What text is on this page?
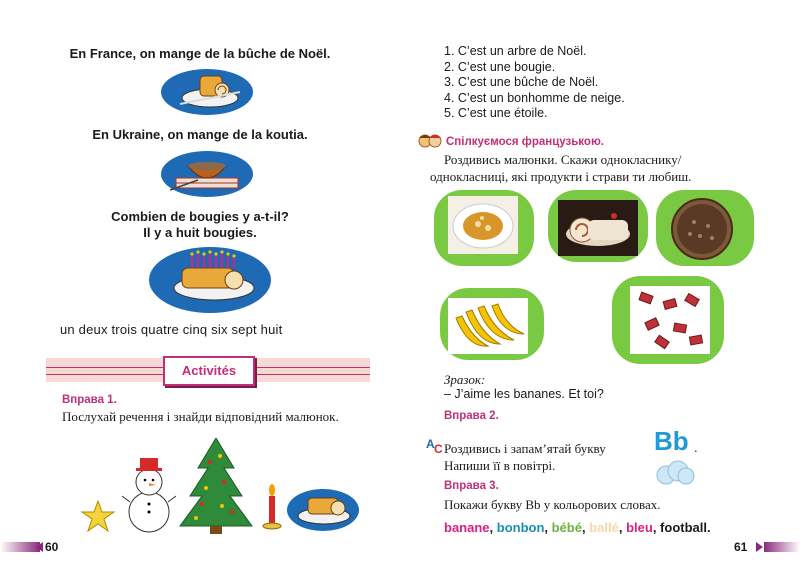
En France, on mange de la bûche de Noël.
En Ukraine, on mange de la koutia.
Combien de bougies y a-t-il?
Il y a huit bougies.
un deux trois quatre cinq six sept huit
Activités
Вправа 1.
Послухай речення і знайди відповідний малюнок.
60
1. C’est un arbre de Noël.
2. C’est une bougie.
3. C’est une bûche de Noël.
4. C’est un bonhomme de neige.
5. C’est une étoile.
Спілкуємося французькою.
Роздивись малюнки. Скажи однокласнику/
однокласниці, які продукти і страви ти любиш.
Зразок:
– J’aime les bananes. Et toi?
Вправа 2.
A C Роздивись і запам’ятай букву Bb .
Напиши її в повітрі.
Вправа 3.
Покажи букву Bb у кольорових словах.
banane, bonbon, bébé, ballé, bleu, football.
61
